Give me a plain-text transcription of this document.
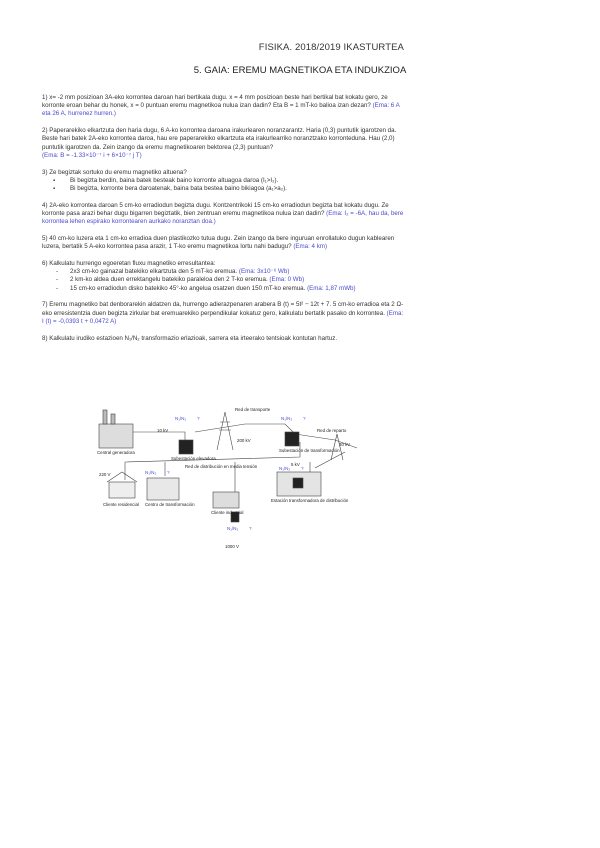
FISIKA. 2018/2019 IKASTURTEA
5. GAIA: EREMU MAGNETIKOA ETA INDUKZIOA

1) x= -2 mm posizioan 3A-eko korrontea daroan hari bertikala dugu. x = 4 mm posizioan beste hari bertikal bat kokatu gero, ze korronte eroan behar du honek, x = 0 puntuan eremu magnetikoa nulua izan dadin? Eta B = 1 mT-ko balioa izan dezan? (Ema: 6 A eta 26 A, hurrenez hurren.)

2) Paperarekiko elkartzuta den haria dugu, 6 A-ko korrontea daroana irakurlearen noranzarantz. Haria (0,3) puntutik igarotzen da. Beste hari batek 2A-eko korrontea daroa, hau ere paperarekiko elkartzuta eta irakurlearriko noranztzako korronteduna. Hau (2,0) puntutik igarotzen da. Zein izango da eremu magnetikoaren bektorea (2,3) puntuan?
(Ema: B = -1.33×10⁻⁷ i + 6×10⁻⁷ j T)

3) Ze begiztak sortuko du eremu magnetiko altuena?
▪ Bi begizta berdin, baina batek besteak baino korronte altuagoa daroa (I₁>I₂).
▪ Bi begizta, korronte bera daroatenak, baina bata bestea baino bikiagoa (a₁>a₂).

4) 2A-eko korrontea daroan 5 cm-ko erradiodun begizta dugu. Kontzentrikoki 15 cm-ko erradiodun begizta bat kokatu dugu. Ze korronte pasa arazi behar dugu bigarren begiztatik, bien zentruan eremu magnetikoa nulua izan dadin? (Ema: I₂ = -6A, hau da, bere korrontea lehen espirako korrontearen aurkako noranztan doa.)

5) 40 cm-ko luzera eta 1 cm-ko erradioa duen plastikozko tutua dugu. Zein izango da bere inguruan enrollatuko dugun kablearen luzera, bertatik 5 A-eko korrontea pasa arazir, 1 T-ko eremu magnetikoa lortu nahi badugu? (Ema: 4 km)

6) Kalkulatu hurrengo egoeretan fluxu magnetiko erresultantea:
- 2x3 cm-ko gainazal batekiko elkartzuta den 5 mT-ko eremua. (Ema: 3x10⁻⁶ Wb)
- 2 km-ko aldea duen errektangelu batekiko paraleloa den 2 T-ko eremua. (Ema: 0 Wb)
- 15 cm-ko erradiodun disko batekiko 45°-ko angelua osatzen duen 150 mT-ko eremua. (Ema: 1,87 mWb)

7) Eremu magnetiko bat denborarekin aldatzen da, hurrengo adierazpenaren arabera B (t) = 5t² − 12t + 7. 5 cm-ko erradioa eta 2 Ω-eko erresistentzia duen begizta zirkular bat eremuarekiko perpendikular kokatuz gero, kalkulatu bertatik pasako dn korrontea. (Ema: I (t) = -0,0393 t + 0,0472 A)

8) Kalkulatu irudiko estazioen N₁/N₂ transformazio erlazioak, sarrera eta irteerako tentsioak kontutan hartuz.

Red de transporte
10 kV
200 kV
30 kV
Red de reparto
Central generadora
Subestación elevadora
Subestación de transformación
Red de distribución en media tensión
220 V
5 kV
Cliente residencial Centro de transformación
Cliente industrial
Estación transformadora de distribución
1000 V
N₁/N₂ ?	N₁/N₂ ?
N₁/N₂ ?
N₁/N₂ ?
N₁/N₂ ?
